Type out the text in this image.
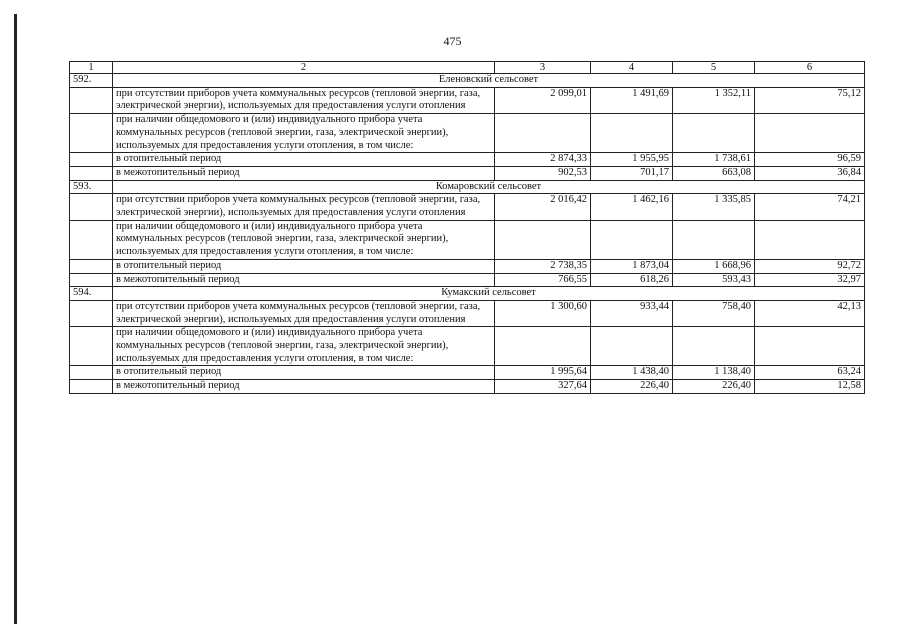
475
1	2	3	4	5	6
592.	Еленовский сельсовет				
	при отсутствии приборов учета коммунальных ресурсов (тепловой энергии, газа, электрической энергии), используемых для предоставления услуги отопления	2 099,01	1 491,69	1 352,11	75,12
	при наличии общедомового и (или) индивидуального прибора учета коммунальных ресурсов (тепловой энергии, газа, электрической энергии), используемых для предоставления услуги отопления, в том числе:				
	в отопительный период	2 874,33	1 955,95	1 738,61	96,59
	в межотопительный период	902,53	701,17	663,08	36,84
593.	Комаровский сельсовет				
	при отсутствии приборов учета коммунальных ресурсов (тепловой энергии, газа, электрической энергии), используемых для предоставления услуги отопления	2 016,42	1 462,16	1 335,85	74,21
	при наличии общедомового и (или) индивидуального прибора учета коммунальных ресурсов (тепловой энергии, газа, электрической энергии), используемых для предоставления услуги отопления, в том числе:				
	в отопительный период	2 738,35	1 873,04	1 668,96	92,72
	в межотопительный период	766,55	618,26	593,43	32,97
594.	Кумакский сельсовет				
	при отсутствии приборов учета коммунальных ресурсов (тепловой энергии, газа, электрической энергии), используемых для предоставления услуги отопления	1 300,60	933,44	758,40	42,13
	при наличии общедомового и (или) индивидуального прибора учета коммунальных ресурсов (тепловой энергии, газа, электрической энергии), используемых для предоставления услуги отопления, в том числе:				
	в отопительный период	1 995,64	1 438,40	1 138,40	63,24
	в межотопительный период	327,64	226,40	226,40	12,58
